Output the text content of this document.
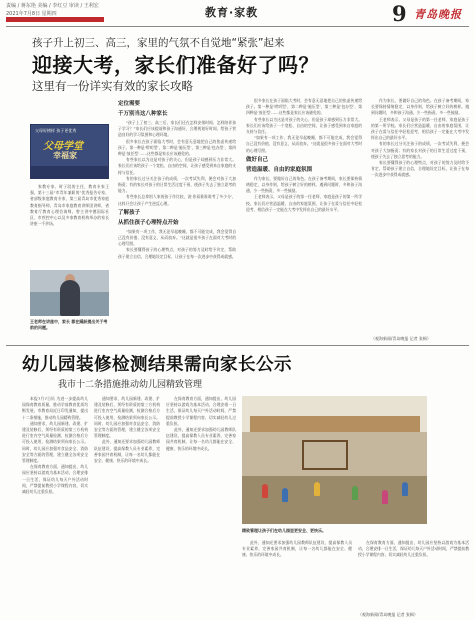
责编 / 蒋东艳 美编 / 李红豆 审读 / 王利宏
2021年7月8日 星期四	教育·家教	9 青岛晚报
孩子升上初三、高三，家里的气氛不自觉地“紧张”起来
迎接大考，家长们准备好了吗？
这里有一份详实有效的家长攻略
父母好榜样 孩子更优秀
父母学堂
幸福家

家教专家、时子段的主任，教育专家王强，第十三届“市青年兼职岗”优秀报告专家，省部级家庭教育专家，第三届青岛市优秀家庭教育指导师，青岛市家庭教育讲师团讲师，省教育厅教育心理咨询师。曾主讲中德国际社区、市疾控中心以及多家教育机构举办的家长讲座一千余场。

王老师在讲座中，家长 都在踊跃提出关于考前的问题。
定位需要
千万别当这八种家长

“孩子上了初三、高三后，家长们还在怎样安排时间、怎样陪伴孩子学习？”家长们应该提前和孩子沟通好，合理规划好时间，给孩子营造良好的学习氛围和心理环境。

很多家长在孩子面临大考时，会有意无意地把自己的焦虑传递给孩子。第一种是‘唠叨型’，第二种是‘施压型’，第三种是‘包办型’，第四种是‘放任型’……这些都是家长应该避免的。

有些家长以为这是对孩子的关心，但是孩子却感到压力非常大。家长们应该给孩子一个宽松、自由的空间，让孩子感受到来自家庭的支持与信任。

有的家长过分关注孩子的成绩，一次考试失利，便会对孩子大加指责；有的家长对孩子的日常生活过度干预，使孩子失去了独立思考的能力。

有些家长总拿别人家的孩子作比较，说‘你看谁谁谁考了多少分’，这样只会让孩子产生逆反心理。

了解孩子
从抓住孩子心理特点开始

“如果有一项工作，我无论早起晚睡，都不可能完成，我会觉得自己没有价值、没有意义，从而放弃。”这就是很多孩子在面对大考时的心理写照。

家长要懂得孩子的心理特点，对孩子的努力及时给予肯定，帮助孩子建立自信，合理地设定目标，让孩子在每一次进步中获得成就感。

很多家长在孩子面临大考时，会有意无意地把自己的焦虑传递给孩子。第一种是‘唠叨型’，第二种是‘施压型’，第三种是‘包办型’，第四种是‘放任型’……这些都是家长应该避免的。

有些家长以为这是对孩子的关心，但是孩子却感到压力非常大。家长们应该给孩子一个宽松、自由的空间，让孩子感受到来自家庭的支持与信任。

“如果有一项工作，我无论早起晚睡，都不可能完成，我会觉得自己没有价值、没有意义，从而放弃。”这就是很多孩子在面对大考时的心理写照。

做好自己
营造温暖、自由的家庭氛围

作为家长，要做好自己的角色。在孩子备考期间，家长要保持情绪稳定，以身作则，给孩子树立好的榜样。遇到问题时，多和孩子沟通，少一些指责，多一些鼓励。

王老师表示，父母是孩子的第一任老师，家庭是孩子的第一所学校。家长们应营造温暖、自由的家庭氛围，让孩子在爱与信任中轻松迎考，相信孩子一定能在大考中发挥出自己的最好水平。

作为家长，要做好自己的角色。在孩子备考期间，家长要保持情绪稳定，以身作则，给孩子树立好的榜样。遇到问题时，多和孩子沟通，少一些指责，多一些鼓励。

王老师表示，父母是孩子的第一任老师，家庭是孩子的第一所学校。家长们应营造温暖、自由的家庭氛围，让孩子在爱与信任中轻松迎考，相信孩子一定能在大考中发挥出自己的最好水平。

有的家长过分关注孩子的成绩，一次考试失利，便会对孩子大加指责；有的家长对孩子的日常生活过度干预，使孩子失去了独立思考的能力。

家长要懂得孩子的心理特点，对孩子的努力及时给予肯定，帮助孩子建立自信，合理地设定目标，让孩子在每一次进步中获得成就感。

（观海新闻/青岛晚报 记者 张枫）
幼儿园装修检测结果需向家长公示
我市十二条措施推动幼儿园精致管理

本报7月7日讯 为进一步提高幼儿园保育教育质量，推动学前教育优质均衡发展，市教育局近日印发通知，提出十二条措施，推动幼儿园精致管理。

通知要求，幼儿园新建、改建、扩建及装修后，须经有资质的第三方机构进行室内空气质量检测，检测合格后方可投入使用，检测结果须向家长公示。同时，幼儿园应加强对食品安全、消防安全等方面的管理，建立健全各项安全管理制度。

在保育教育方面，通知提出，幼儿园应坚持以游戏为基本活动，合理安排一日生活，保证幼儿每天户外活动时间，严禁提前教授小学课程内容，切实减轻幼儿过重负担。

通知要求，幼儿园新建、改建、扩建及装修后，须经有资质的第三方机构进行室内空气质量检测，检测合格后方可投入使用，检测结果须向家长公示。同时，幼儿园应加强对食品安全、消防安全等方面的管理，建立健全各项安全管理制度。

此外，通知还要求加强幼儿园教师队伍建设，提高保教人员专业素养，完善家园共育机制，让每一名幼儿都能在安全、健康、快乐的环境中成长。

在保育教育方面，通知提出，幼儿园应坚持以游戏为基本活动，合理安排一日生活，保证幼儿每天户外活动时间，严禁提前教授小学课程内容，切实减轻幼儿过重负担。

此外，通知还要求加强幼儿园教师队伍建设，提高保教人员专业素养，完善家园共育机制，让每一名幼儿都能在安全、健康、快乐的环境中成长。

精致管理让孩子们在幼儿园里更安全、更快乐。

此外，通知还要求加强幼儿园教师队伍建设，提高保教人员专业素养，完善家园共育机制，让每一名幼儿都能在安全、健康、快乐的环境中成长。

在保育教育方面，通知提出，幼儿园应坚持以游戏为基本活动，合理安排一日生活，保证幼儿每天户外活动时间，严禁提前教授小学课程内容，切实减轻幼儿过重负担。

（观海新闻/青岛晚报 记者 张枫）
